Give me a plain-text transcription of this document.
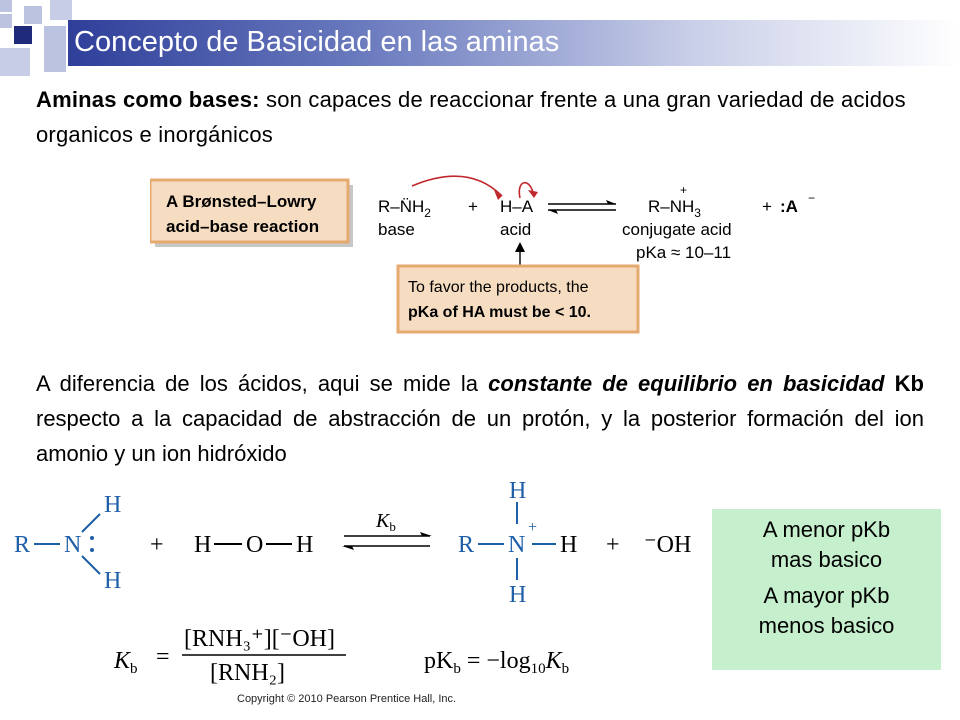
Concepto de Basicidad en las aminas
Aminas como bases: son capaces de reaccionar frente a una gran variedad de acidos organicos e inorgánicos
A Brønsted–Lowry
acid–base reaction
$R-N̈H_2$
base
+ H–A
acid
$R-NH_3$
+
conjugate acid
pKa ≈ 10–11
+ :A −
To favor the products, the
pKa of HA must be < 10.
A diferencia de los ácidos, aqui se mide la constante de equilibrio en basicidad Kb respecto a la capacidad de abstracción de un protón, y la posterior formación del ion amonio y un ion hidróxido
R N
H
H
+ H O H
$K_b$
R N
+
H
H
H + ⁻OH
$K_b$ =
[RNH₃⁺][⁻OH]
[RNH₂]	$pK_b = -\log_{10}K_b$
A menor pKb
mas basico
A mayor pKb
menos basico
Copyright © 2010 Pearson Prentice Hall, Inc.
